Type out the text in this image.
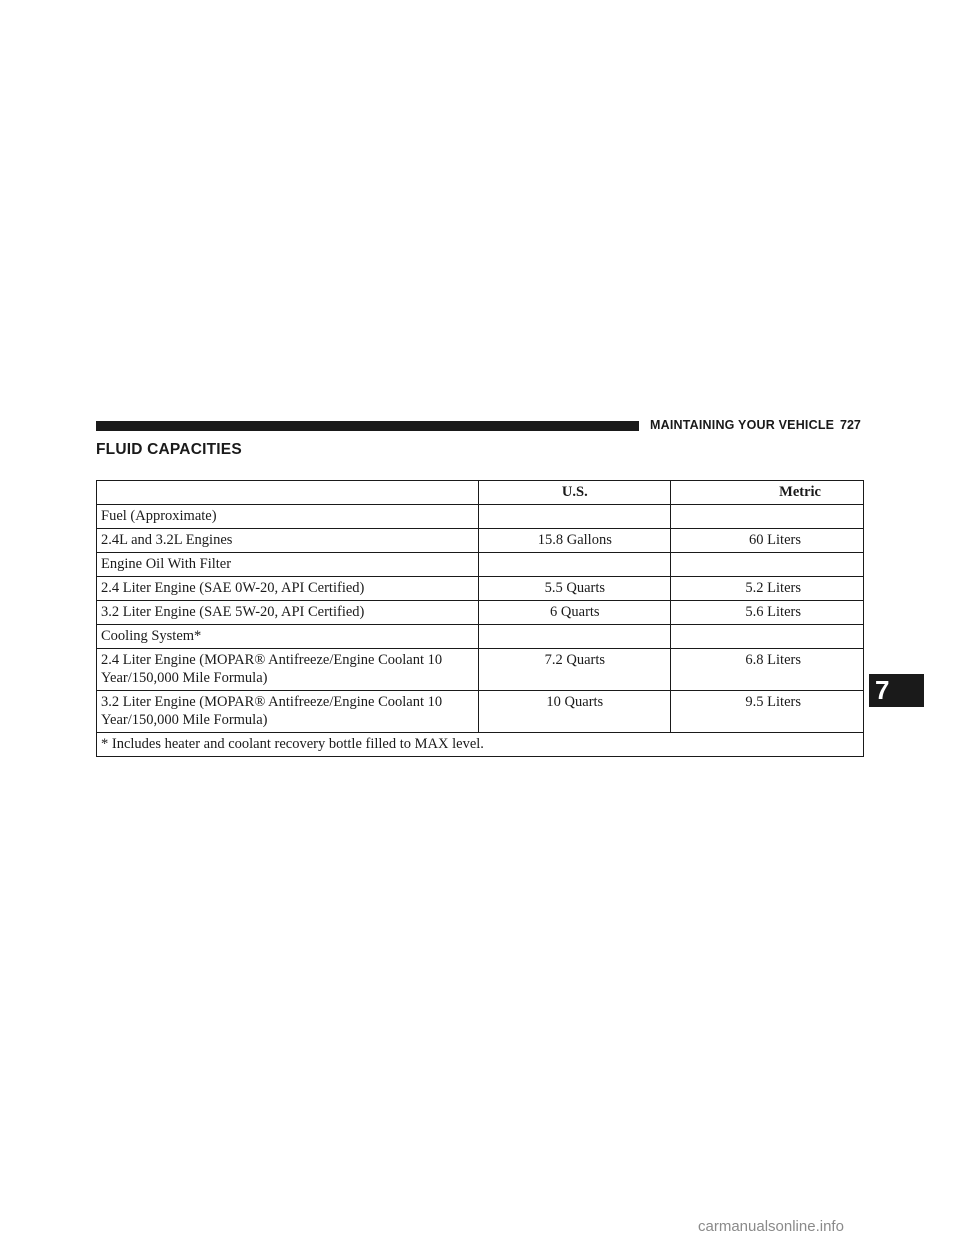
MAINTAINING YOUR VEHICLE 727
FLUID CAPACITIES
	U.S.	Metric
Fuel (Approximate)		
2.4L and 3.2L Engines	15.8 Gallons	60 Liters
Engine Oil With Filter		
2.4 Liter Engine (SAE 0W-20, API Certified)	5.5 Quarts	5.2 Liters
3.2 Liter Engine (SAE 5W-20, API Certified)	6 Quarts	5.6 Liters
Cooling System*		
2.4 Liter Engine (MOPAR® Antifreeze/Engine Coolant 10 Year/150,000 Mile Formula)	7.2 Quarts	6.8 Liters
3.2 Liter Engine (MOPAR® Antifreeze/Engine Coolant 10 Year/150,000 Mile Formula)	10 Quarts	9.5 Liters
* Includes heater and coolant recovery bottle filled to MAX level.		
7
carmanualsonline.info
